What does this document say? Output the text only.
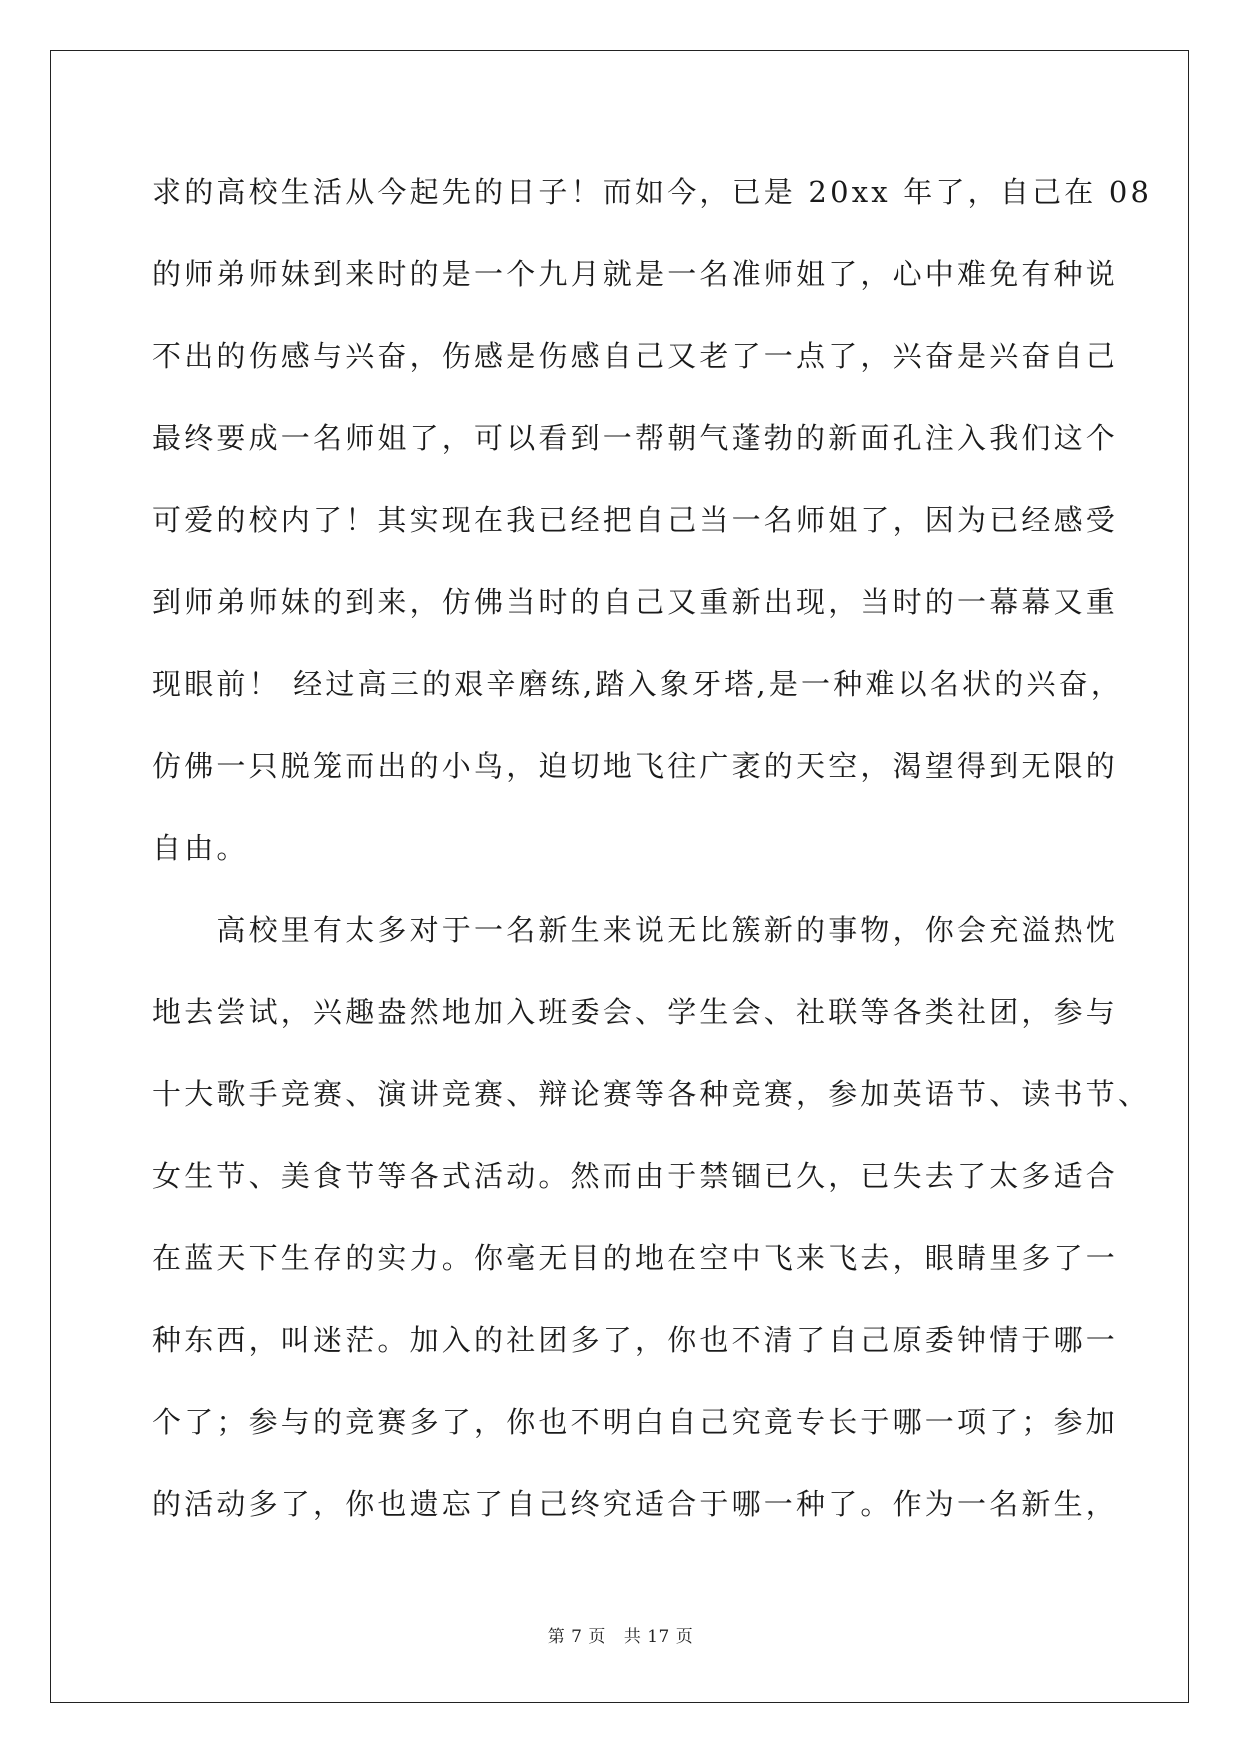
求的高校生活从今起先的日子！而如今，已是 20xx 年了，自己在 08
的师弟师妹到来时的是一个九月就是一名准师姐了，心中难免有种说
不出的伤感与兴奋，伤感是伤感自己又老了一点了，兴奋是兴奋自己
最终要成一名师姐了，可以看到一帮朝气蓬勃的新面孔注入我们这个
可爱的校内了！其实现在我已经把自己当一名师姐了，因为已经感受
到师弟师妹的到来，仿佛当时的自己又重新出现，当时的一幕幕又重
现眼前！ 经过高三的艰辛磨练,踏入象牙塔,是一种难以名状的兴奋，
仿佛一只脱笼而出的小鸟，迫切地飞往广袤的天空，渴望得到无限的
自由。
　　高校里有太多对于一名新生来说无比簇新的事物，你会充溢热忱
地去尝试，兴趣盎然地加入班委会、学生会、社联等各类社团，参与
十大歌手竞赛、演讲竞赛、辩论赛等各种竞赛，参加英语节、读书节、
女生节、美食节等各式活动。然而由于禁锢已久，已失去了太多适合
在蓝天下生存的实力。你毫无目的地在空中飞来飞去，眼睛里多了一
种东西，叫迷茫。加入的社团多了，你也不清了自己原委钟情于哪一
个了；参与的竞赛多了，你也不明白自己究竟专长于哪一项了；参加
的活动多了，你也遗忘了自己终究适合于哪一种了。作为一名新生，
第 7 页 共 17 页
